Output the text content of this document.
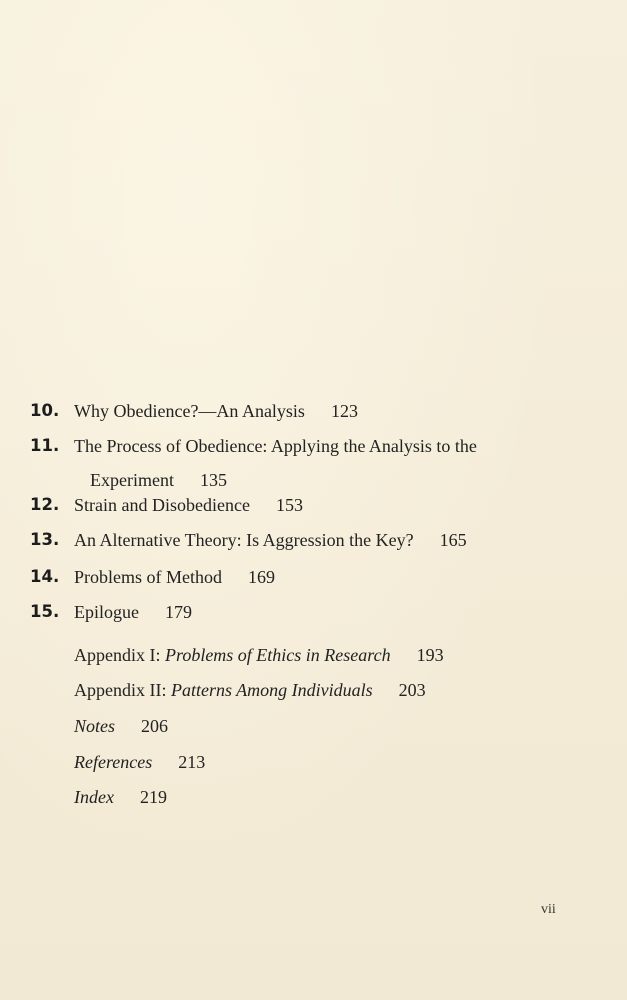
10. Why Obedience?—An Analysis 123
11. The Process of Obedience: Applying the Analysis to the
Experiment 135
12. Strain and Disobedience 153
13. An Alternative Theory: Is Aggression the Key? 165
14. Problems of Method 169
15. Epilogue 179
Appendix I: Problems of Ethics in Research 193
Appendix II: Patterns Among Individuals 203
Notes 206
References 213
Index 219
vii
